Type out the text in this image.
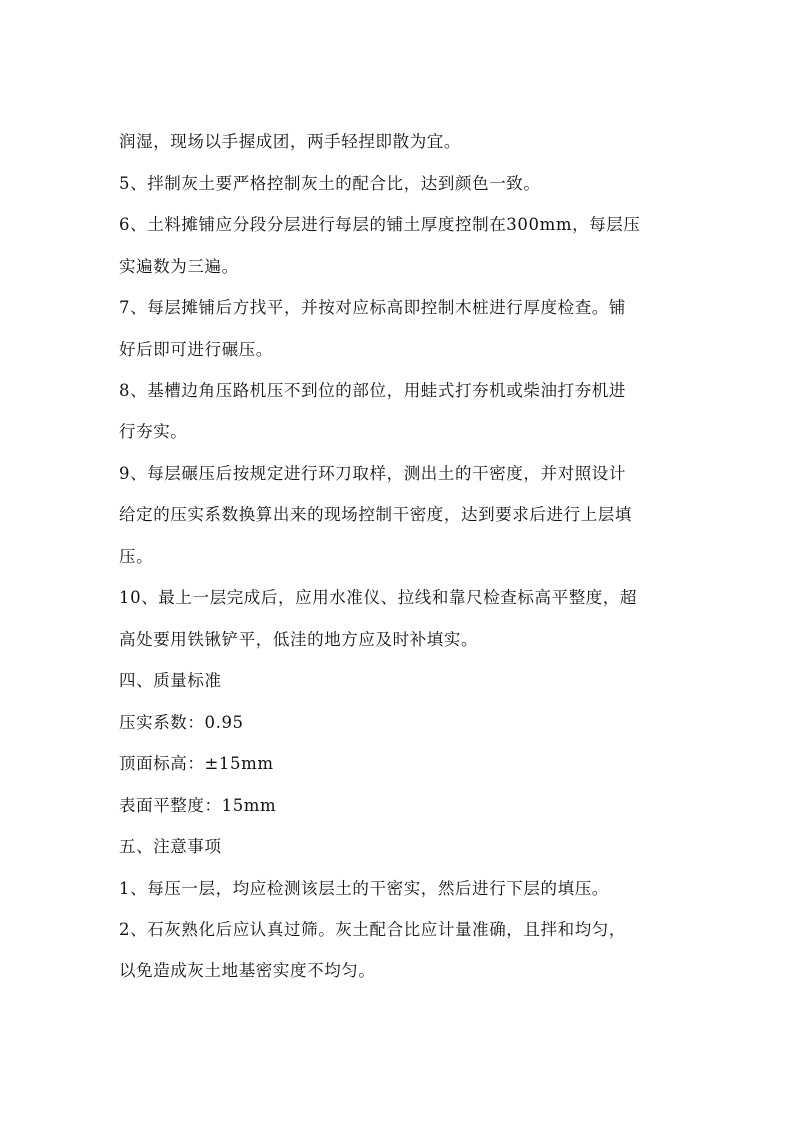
润湿，现场以手握成团，两手轻捏即散为宜。
5、拌制灰土要严格控制灰土的配合比，达到颜色一致。
6、土料摊铺应分段分层进行每层的铺土厚度控制在300mm，每层压
实遍数为三遍。
7、每层摊铺后方找平，并按对应标高即控制木桩进行厚度检查。铺
好后即可进行碾压。
8、基槽边角压路机压不到位的部位，用蛙式打夯机或柴油打夯机进
行夯实。
9、每层碾压后按规定进行环刀取样，测出土的干密度，并对照设计
给定的压实系数换算出来的现场控制干密度，达到要求后进行上层填
压。
10、最上一层完成后，应用水准仪、拉线和靠尺检查标高平整度，超
高处要用铁锹铲平，低洼的地方应及时补填实。
四、质量标准
压实系数：0.95
顶面标高：±15mm
表面平整度：15mm
五、注意事项
1、每压一层，均应检测该层土的干密实，然后进行下层的填压。
2、石灰熟化后应认真过筛。灰土配合比应计量准确，且拌和均匀，
以免造成灰土地基密实度不均匀。
